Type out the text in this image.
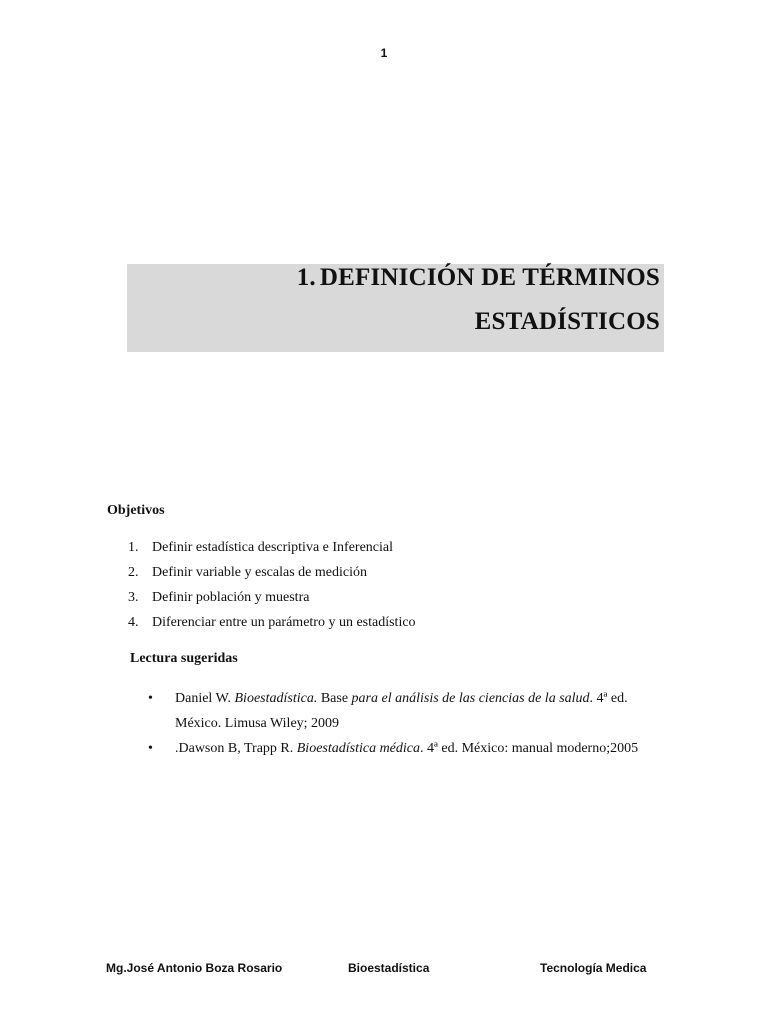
1
1. DEFINICIÓN DE TÉRMINOS
ESTADÍSTICOS
Objetivos
1. Definir estadística descriptiva e Inferencial
2. Definir variable y escalas de medición
3. Definir población y muestra
4. Diferenciar entre un parámetro y un estadístico
Lectura sugeridas
• Daniel W. Bioestadística. Base para el análisis de las ciencias de la salud. 4ª ed. México. Limusa Wiley; 2009
• .Dawson B, Trapp R. Bioestadística médica. 4ª ed. México: manual moderno;2005
Mg.José Antonio Boza Rosario	Bioestadística	Tecnología Medica
